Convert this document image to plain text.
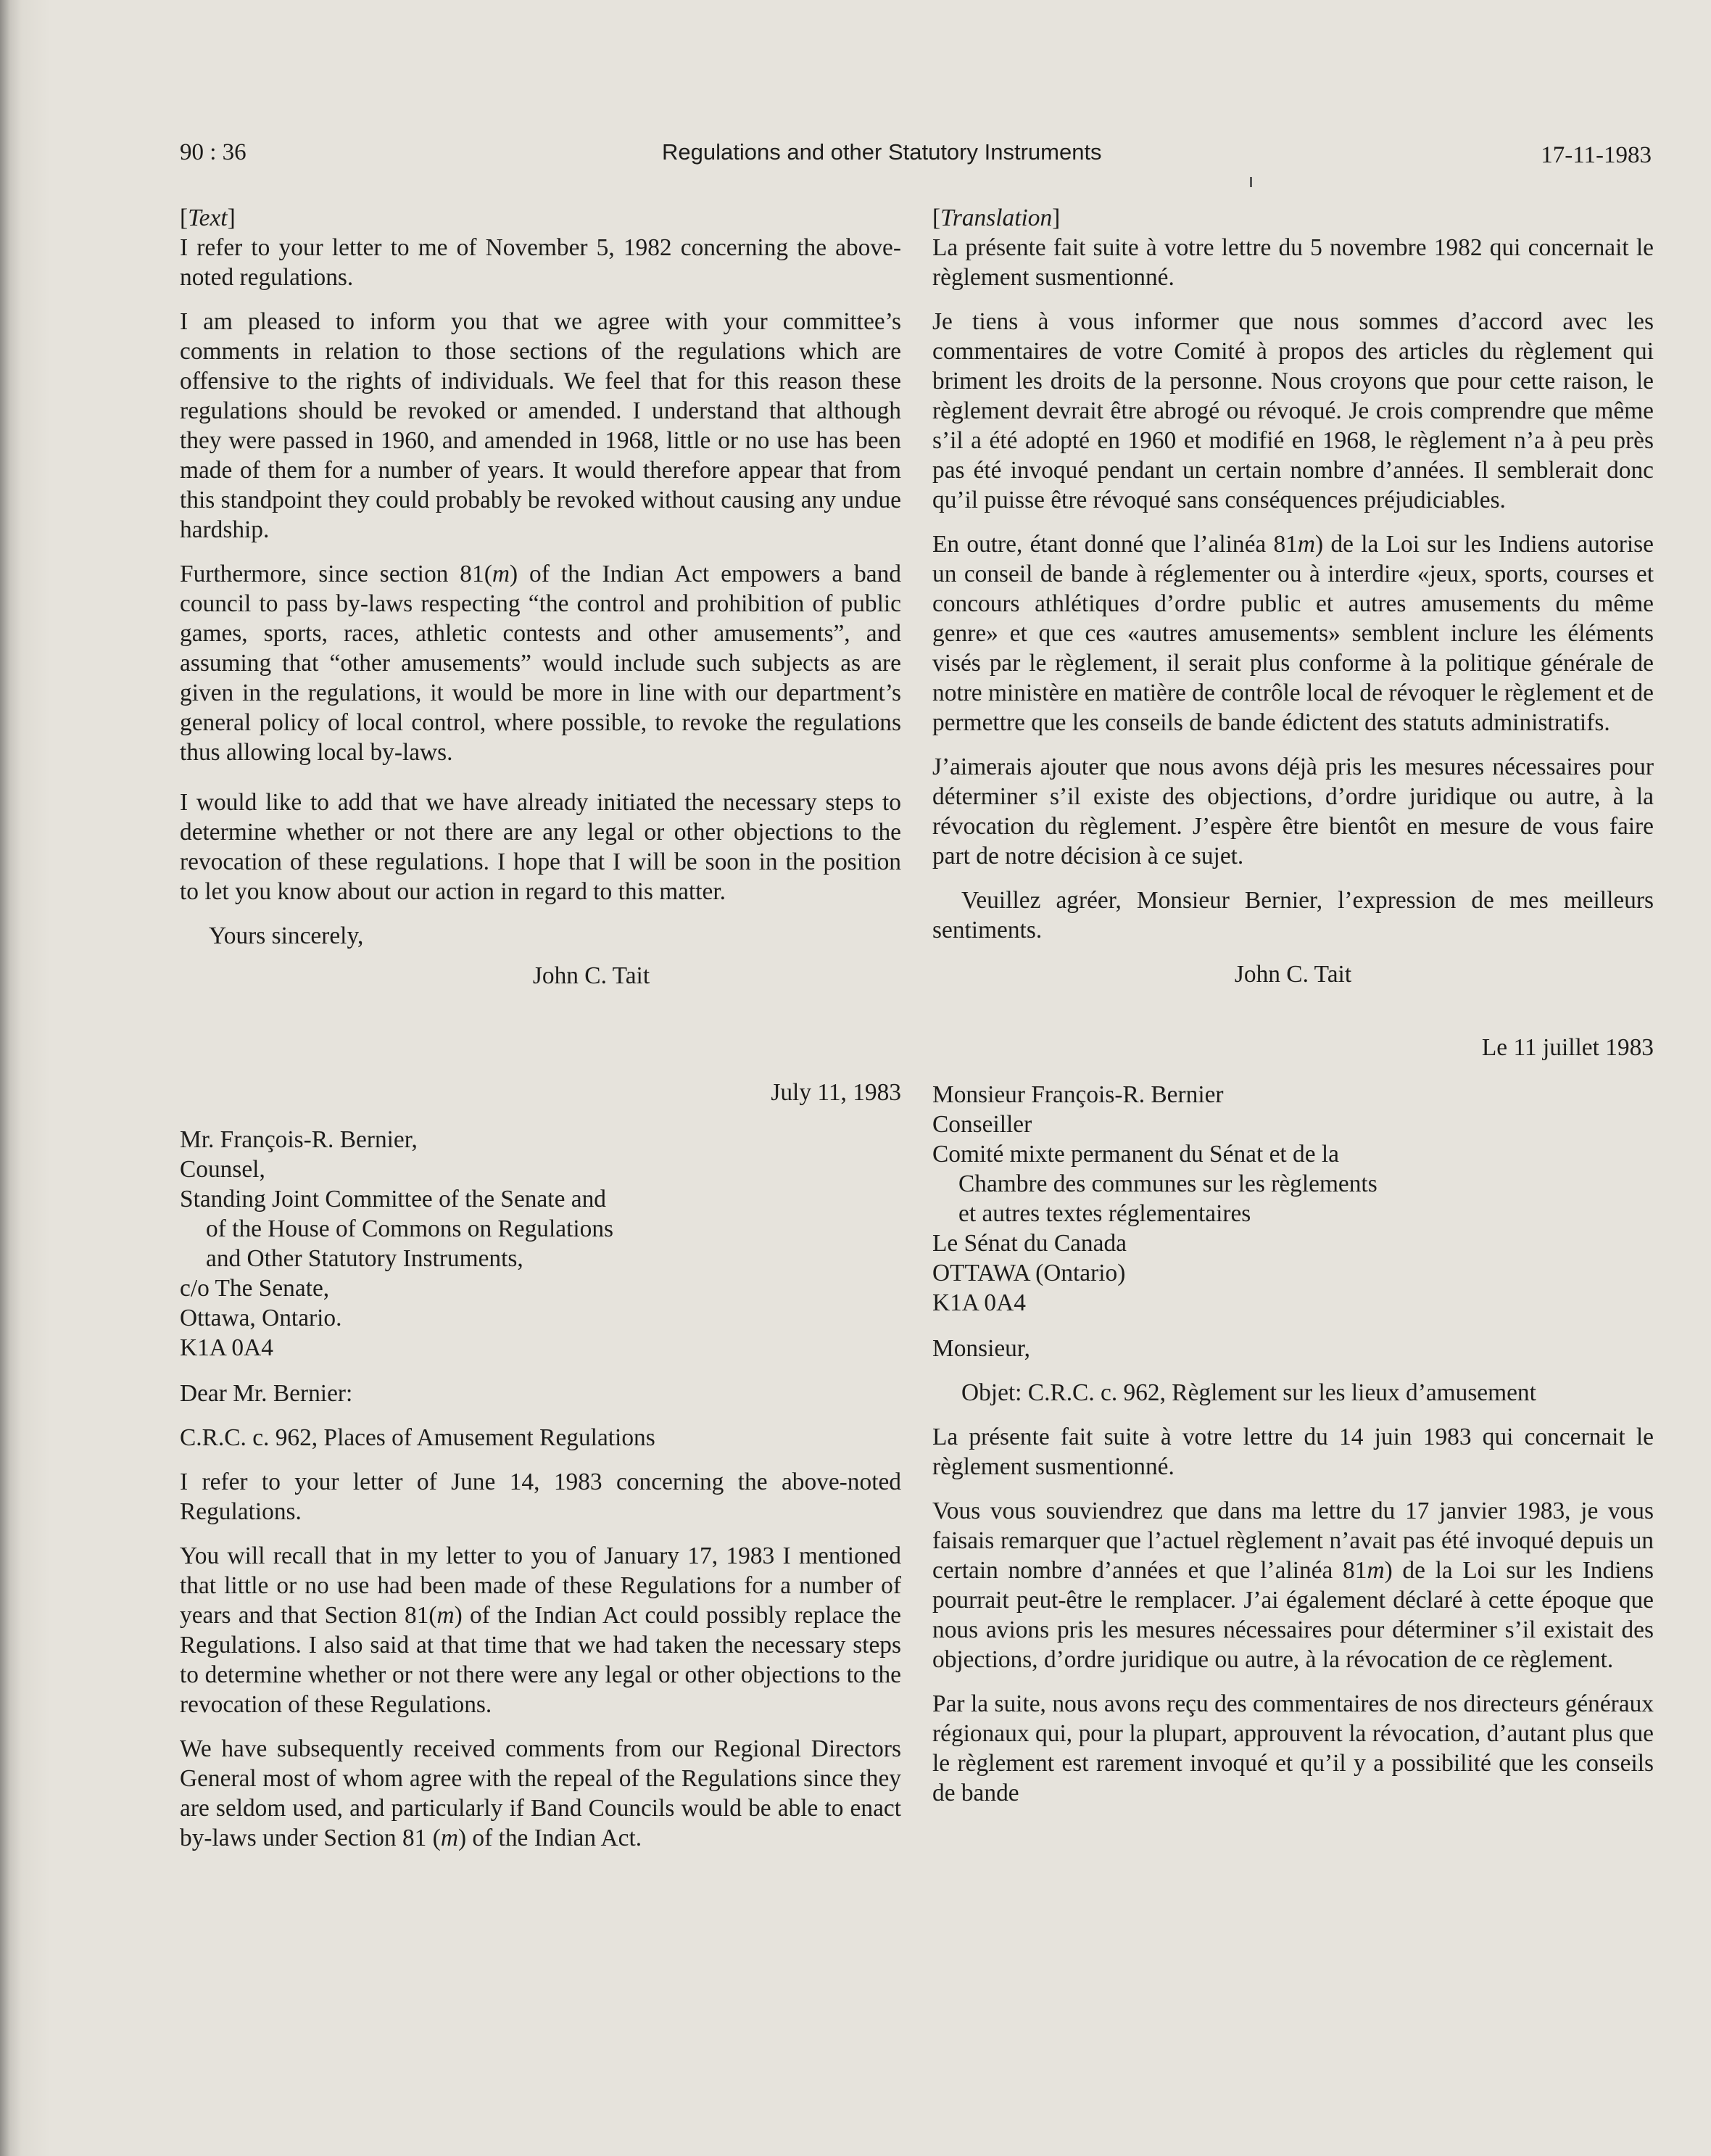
90 : 36	Regulations and other Statutory Instruments	17-11-1983

[Text]

I refer to your letter to me of November 5, 1982 concerning the above-noted regulations.

I am pleased to inform you that we agree with your committee’s comments in relation to those sections of the regulations which are offensive to the rights of individuals. We feel that for this reason these regulations should be revoked or amended. I understand that although they were passed in 1960, and amended in 1968, little or no use has been made of them for a number of years. It would therefore appear that from this standpoint they could probably be revoked without causing any undue hardship.

Furthermore, since section 81(m) of the Indian Act empowers a band council to pass by-laws respecting “the control and prohibition of public games, sports, races, athletic contests and other amusements”, and assuming that “other amusements” would include such subjects as are given in the regulations, it would be more in line with our department’s general policy of local control, where possible, to revoke the regulations thus allowing local by-laws.

I would like to add that we have already initiated the necessary steps to determine whether or not there are any legal or other objections to the revocation of these regulations. I hope that I will be soon in the position to let you know about our action in regard to this matter.

Yours sincerely,

John C. Tait

July 11, 1983

Mr. François-R. Bernier,
Counsel,
Standing Joint Committee of the Senate and
of the House of Commons on Regulations
and Other Statutory Instruments,
c/o The Senate,
Ottawa, Ontario.
K1A 0A4

Dear Mr. Bernier:

C.R.C. c. 962, Places of Amusement Regulations

I refer to your letter of June 14, 1983 concerning the above-noted Regulations.

You will recall that in my letter to you of January 17, 1983 I mentioned that little or no use had been made of these Regulations for a number of years and that Section 81(m) of the Indian Act could possibly replace the Regulations. I also said at that time that we had taken the necessary steps to determine whether or not there were any legal or other objections to the revocation of these Regulations.

We have subsequently received comments from our Regional Directors General most of whom agree with the repeal of the Regulations since they are seldom used, and particularly if Band Councils would be able to enact by-laws under Section 81 (m) of the Indian Act.

[Translation]

La présente fait suite à votre lettre du 5 novembre 1982 qui concernait le règlement susmentionné.

Je tiens à vous informer que nous sommes d’accord avec les commentaires de votre Comité à propos des articles du règlement qui briment les droits de la personne. Nous croyons que pour cette raison, le règlement devrait être abrogé ou révoqué. Je crois comprendre que même s’il a été adopté en 1960 et modifié en 1968, le règlement n’a à peu près pas été invoqué pendant un certain nombre d’années. Il semblerait donc qu’il puisse être révoqué sans conséquences préjudiciables.

En outre, étant donné que l’alinéa 81m) de la Loi sur les Indiens autorise un conseil de bande à réglementer ou à interdire «jeux, sports, courses et concours athlétiques d’ordre public et autres amusements du même genre» et que ces «autres amusements» semblent inclure les éléments visés par le règlement, il serait plus conforme à la politique générale de notre ministère en matière de contrôle local de révoquer le règlement et de permettre que les conseils de bande édictent des statuts administratifs.

J’aimerais ajouter que nous avons déjà pris les mesures nécessaires pour déterminer s’il existe des objections, d’ordre juridique ou autre, à la révocation du règlement. J’espère être bientôt en mesure de vous faire part de notre décision à ce sujet.

Veuillez agréer, Monsieur Bernier, l’expression de mes meilleurs sentiments.

John C. Tait

Le 11 juillet 1983

Monsieur François-R. Bernier
Conseiller
Comité mixte permanent du Sénat et de la
Chambre des communes sur les règlements
et autres textes réglementaires
Le Sénat du Canada
OTTAWA (Ontario)
K1A 0A4

Monsieur,

Objet: C.R.C. c. 962, Règlement sur les lieux d’amusement

La présente fait suite à votre lettre du 14 juin 1983 qui concernait le règlement susmentionné.

Vous vous souviendrez que dans ma lettre du 17 janvier 1983, je vous faisais remarquer que l’actuel règlement n’avait pas été invoqué depuis un certain nombre d’années et que l’alinéa 81m) de la Loi sur les Indiens pourrait peut-être le remplacer. J’ai également déclaré à cette époque que nous avions pris les mesures nécessaires pour déterminer s’il existait des objections, d’ordre juridique ou autre, à la révocation de ce règlement.

Par la suite, nous avons reçu des commentaires de nos directeurs généraux régionaux qui, pour la plupart, approuvent la révocation, d’autant plus que le règlement est rarement invoqué et qu’il y a possibilité que les conseils de bande
